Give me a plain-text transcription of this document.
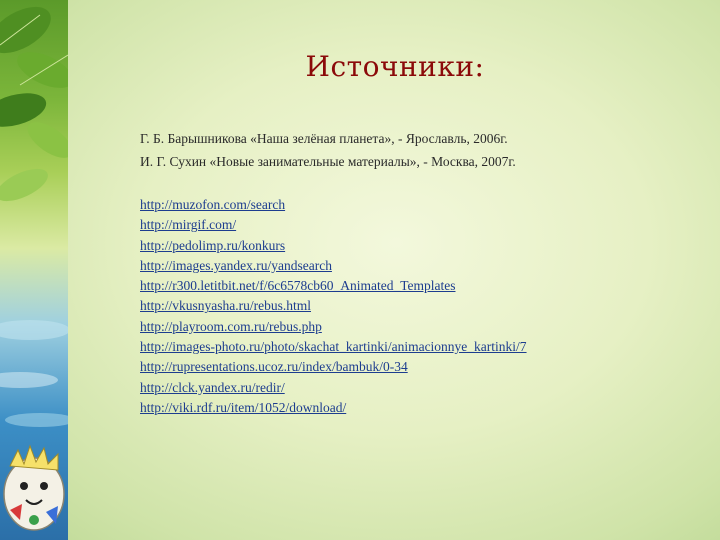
Источники:
Г. Б. Барышникова «Наша зелёная планета», - Ярославль, 2006г.
И. Г. Сухин «Новые занимательные материалы», - Москва, 2007г.
http://muzofon.com/search
http://mirgif.com/
http://pedolimp.ru/konkurs
http://images.yandex.ru/yandsearch
http://r300.letitbit.net/f/6c6578cb60_Animated_Templates
http://vkusnyasha.ru/rebus.html
http://playroom.com.ru/rebus.php
http://images-photo.ru/photo/skachat_kartinki/animacionnye_kartinki/7
http://rupresentations.ucoz.ru/index/bambuk/0-34
http://clck.yandex.ru/redir/
http://viki.rdf.ru/item/1052/download/
